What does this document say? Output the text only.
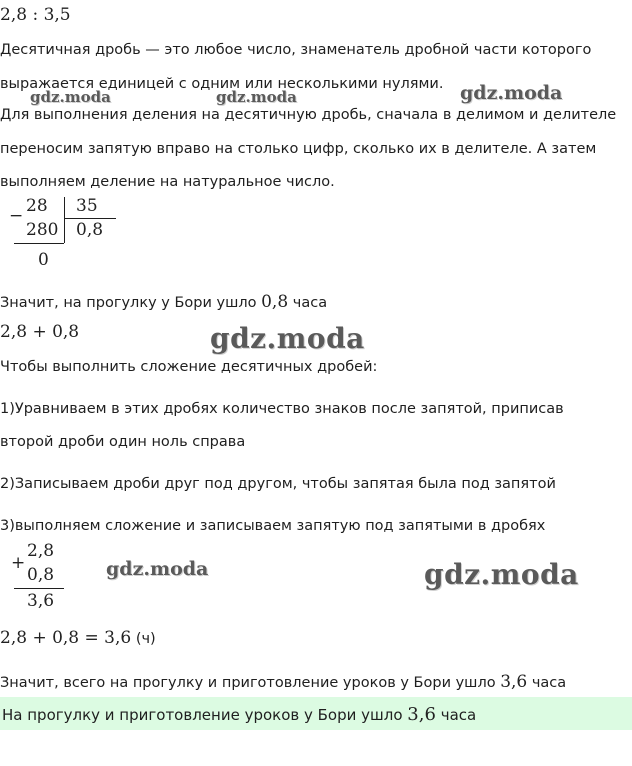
2,8 : 3,5
Десятичная дробь — это любое число, знаменатель дробной части которого
выражается единицей с одним или несколькими нулями.
gdz.moda	gdz.moda	gdz.moda
Для выполнения деления на десятичную дробь, сначала в делимом и делителе
переносим запятую вправо на столько цифр, сколько их в делителе. А затем
выполняем деление на натуральное число.
− 28 35
280 0,8
0
Значит, на прогулку у Бори ушло 0,8 часа
2,8 + 0,8	gdz.moda
Чтобы выполнить сложение десятичных дробей:
1)Уравниваем в этих дробях количество знаков после запятой, приписав
второй дроби один ноль справа
2)Записываем дроби друг под другом, чтобы запятая была под запятой
3)выполняем сложение и записываем запятую под запятыми в дробях
+
2,8
0,8
3,6
gdz.moda	gdz.moda
2,8 + 0,8 = 3,6 (ч)
Значит, всего на прогулку и приготовление уроков у Бори ушло 3,6 часа
На прогулку и приготовление уроков у Бори ушло 3,6 часа
